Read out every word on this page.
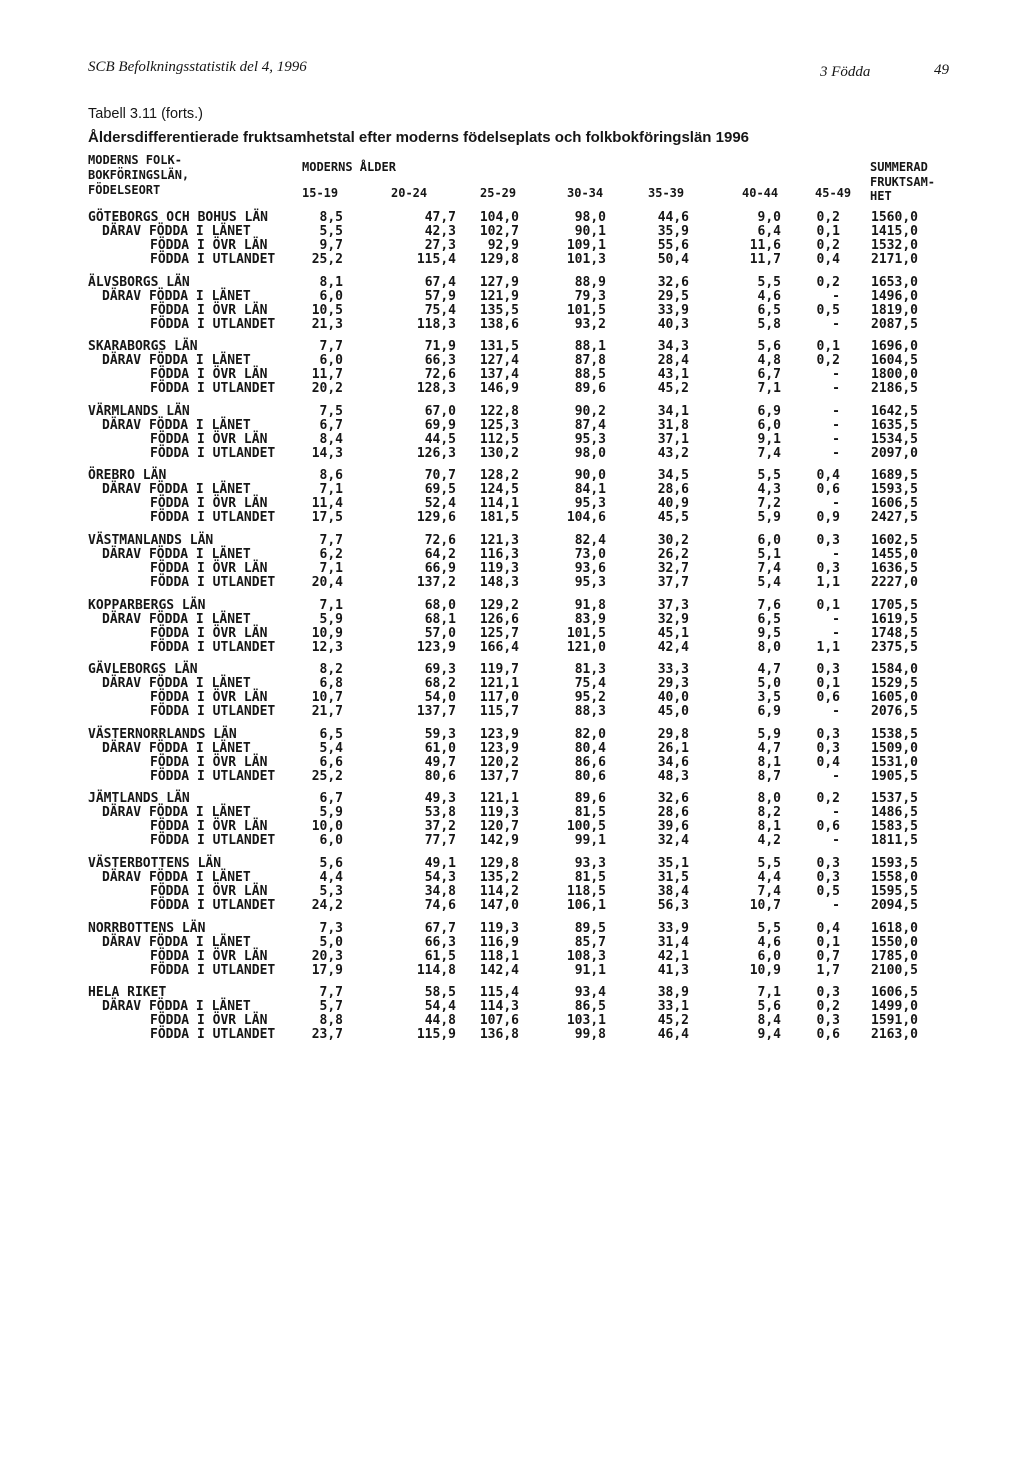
SCB Befolkningsstatistik del 4, 1996	3 Födda	49
Tabell 3.11 (forts.)
Åldersdifferentierade fruktsamhetstal efter moderns födelseplats och folkbokföringslän 1996
MODERNS FOLK-
BOKFÖRINGSLÄN,
FÖDELSEORT
MODERNS ÅLDER
15-19	20-24	25-29	30-34	35-39	40-44	45-49
SUMMERAD
FRUKTSAM-
HET
GÖTEBORGS OCH BOHUS LÄN	8,5	47,7	104,0	98,0	44,6	9,0	0,2	1560,0
DÄRAV FÖDDA I LÄNET	5,5	42,3	102,7	90,1	35,9	6,4	0,1	1415,0
FÖDDA I ÖVR LÄN	9,7	27,3	92,9	109,1	55,6	11,6	0,2	1532,0
FÖDDA I UTLANDET	25,2	115,4	129,8	101,3	50,4	11,7	0,4	2171,0
ÄLVSBORGS LÄN	8,1	67,4	127,9	88,9	32,6	5,5	0,2	1653,0
DÄRAV FÖDDA I LÄNET	6,0	57,9	121,9	79,3	29,5	4,6	-	1496,0
FÖDDA I ÖVR LÄN	10,5	75,4	135,5	101,5	33,9	6,5	0,5	1819,0
FÖDDA I UTLANDET	21,3	118,3	138,6	93,2	40,3	5,8	-	2087,5
SKARABORGS LÄN	7,7	71,9	131,5	88,1	34,3	5,6	0,1	1696,0
DÄRAV FÖDDA I LÄNET	6,0	66,3	127,4	87,8	28,4	4,8	0,2	1604,5
FÖDDA I ÖVR LÄN	11,7	72,6	137,4	88,5	43,1	6,7	-	1800,0
FÖDDA I UTLANDET	20,2	128,3	146,9	89,6	45,2	7,1	-	2186,5
VÄRMLANDS LÄN	7,5	67,0	122,8	90,2	34,1	6,9	-	1642,5
DÄRAV FÖDDA I LÄNET	6,7	69,9	125,3	87,4	31,8	6,0	-	1635,5
FÖDDA I ÖVR LÄN	8,4	44,5	112,5	95,3	37,1	9,1	-	1534,5
FÖDDA I UTLANDET	14,3	126,3	130,2	98,0	43,2	7,4	-	2097,0
ÖREBRO LÄN	8,6	70,7	128,2	90,0	34,5	5,5	0,4	1689,5
DÄRAV FÖDDA I LÄNET	7,1	69,5	124,5	84,1	28,6	4,3	0,6	1593,5
FÖDDA I ÖVR LÄN	11,4	52,4	114,1	95,3	40,9	7,2	-	1606,5
FÖDDA I UTLANDET	17,5	129,6	181,5	104,6	45,5	5,9	0,9	2427,5
VÄSTMANLANDS LÄN	7,7	72,6	121,3	82,4	30,2	6,0	0,3	1602,5
DÄRAV FÖDDA I LÄNET	6,2	64,2	116,3	73,0	26,2	5,1	-	1455,0
FÖDDA I ÖVR LÄN	7,1	66,9	119,3	93,6	32,7	7,4	0,3	1636,5
FÖDDA I UTLANDET	20,4	137,2	148,3	95,3	37,7	5,4	1,1	2227,0
KOPPARBERGS LÄN	7,1	68,0	129,2	91,8	37,3	7,6	0,1	1705,5
DÄRAV FÖDDA I LÄNET	5,9	68,1	126,6	83,9	32,9	6,5	-	1619,5
FÖDDA I ÖVR LÄN	10,9	57,0	125,7	101,5	45,1	9,5	-	1748,5
FÖDDA I UTLANDET	12,3	123,9	166,4	121,0	42,4	8,0	1,1	2375,5
GÄVLEBORGS LÄN	8,2	69,3	119,7	81,3	33,3	4,7	0,3	1584,0
DÄRAV FÖDDA I LÄNET	6,8	68,2	121,1	75,4	29,3	5,0	0,1	1529,5
FÖDDA I ÖVR LÄN	10,7	54,0	117,0	95,2	40,0	3,5	0,6	1605,0
FÖDDA I UTLANDET	21,7	137,7	115,7	88,3	45,0	6,9	-	2076,5
VÄSTERNORRLANDS LÄN	6,5	59,3	123,9	82,0	29,8	5,9	0,3	1538,5
DÄRAV FÖDDA I LÄNET	5,4	61,0	123,9	80,4	26,1	4,7	0,3	1509,0
FÖDDA I ÖVR LÄN	6,6	49,7	120,2	86,6	34,6	8,1	0,4	1531,0
FÖDDA I UTLANDET	25,2	80,6	137,7	80,6	48,3	8,7	-	1905,5
JÄMTLANDS LÄN	6,7	49,3	121,1	89,6	32,6	8,0	0,2	1537,5
DÄRAV FÖDDA I LÄNET	5,9	53,8	119,3	81,5	28,6	8,2	-	1486,5
FÖDDA I ÖVR LÄN	10,0	37,2	120,7	100,5	39,6	8,1	0,6	1583,5
FÖDDA I UTLANDET	6,0	77,7	142,9	99,1	32,4	4,2	-	1811,5
VÄSTERBOTTENS LÄN	5,6	49,1	129,8	93,3	35,1	5,5	0,3	1593,5
DÄRAV FÖDDA I LÄNET	4,4	54,3	135,2	81,5	31,5	4,4	0,3	1558,0
FÖDDA I ÖVR LÄN	5,3	34,8	114,2	118,5	38,4	7,4	0,5	1595,5
FÖDDA I UTLANDET	24,2	74,6	147,0	106,1	56,3	10,7	-	2094,5
NORRBOTTENS LÄN	7,3	67,7	119,3	89,5	33,9	5,5	0,4	1618,0
DÄRAV FÖDDA I LÄNET	5,0	66,3	116,9	85,7	31,4	4,6	0,1	1550,0
FÖDDA I ÖVR LÄN	20,3	61,5	118,1	108,3	42,1	6,0	0,7	1785,0
FÖDDA I UTLANDET	17,9	114,8	142,4	91,1	41,3	10,9	1,7	2100,5
HELA RIKET	7,7	58,5	115,4	93,4	38,9	7,1	0,3	1606,5
DÄRAV FÖDDA I LÄNET	5,7	54,4	114,3	86,5	33,1	5,6	0,2	1499,0
FÖDDA I ÖVR LÄN	8,8	44,8	107,6	103,1	45,2	8,4	0,3	1591,0
FÖDDA I UTLANDET	23,7	115,9	136,8	99,8	46,4	9,4	0,6	2163,0
